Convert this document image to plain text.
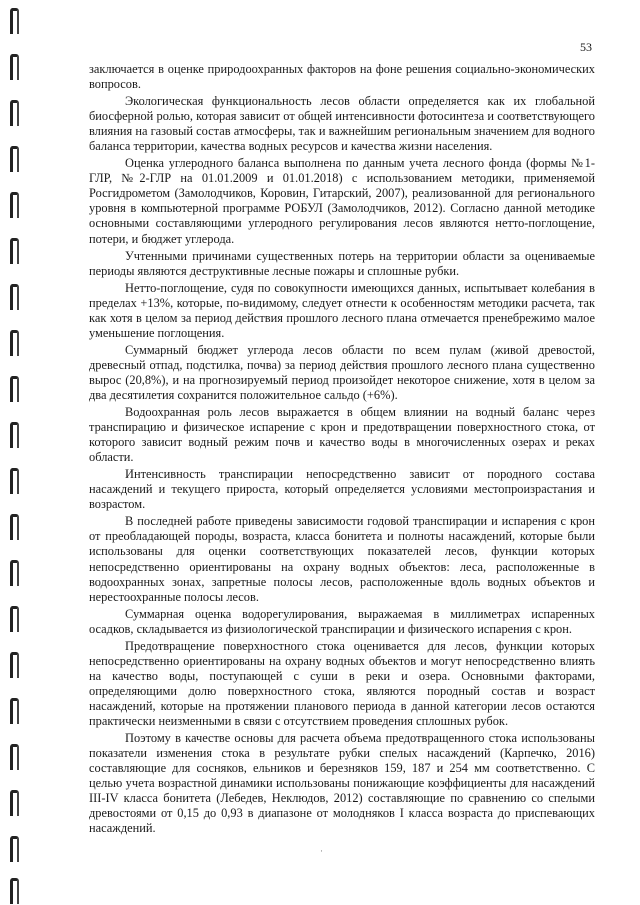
53

заключается в оценке природоохранных факторов на фоне решения социально-экономических вопросов.

Экологическая функциональность лесов области определяется как их глобальной биосферной ролью, которая зависит от общей интенсивности фотосинтеза и соответствующего влияния на газовый состав атмосферы, так и важнейшим региональным значением для водного баланса территории, качества водных ресурсов и качества жизни населения.

Оценка углеродного баланса выполнена по данным учета лесного фонда (формы №1-ГЛР, №2-ГЛР на 01.01.2009 и 01.01.2018) с использованием методики, применяемой Росгидрометом (Замолодчиков, Коровин, Гитарский, 2007), реализованной для регионального уровня в компьютерной программе РОБУЛ (Замолодчиков, 2012). Согласно данной методике основными составляющими углеродного регулирования лесов являются нетто-поглощение, потери, и бюджет углерода.

Учтенными причинами существенных потерь на территории области за оцениваемые периоды являются деструктивные лесные пожары и сплошные рубки.

Нетто-поглощение, судя по совокупности имеющихся данных, испытывает колебания в пределах +13%, которые, по-видимому, следует отнести к особенностям методики расчета, так как хотя в целом за период действия прошлого лесного плана отмечается пренебрежимо малое уменьшение поглощения.

Суммарный бюджет углерода лесов области по всем пулам (живой древостой, древесный отпад, подстилка, почва) за период действия прошлого лесного плана существенно вырос (20,8%), и на прогнозируемый период произойдет некоторое снижение, хотя в целом за два десятилетия сохранится положительное сальдо (+6%).

Водоохранная роль лесов выражается в общем влиянии на водный баланс через транспирацию и физическое испарение с крон и предотвращении поверхностного стока, от которого зависит водный режим почв и качество воды в многочисленных озерах и реках области.

Интенсивность транспирации непосредственно зависит от породного состава насаждений и текущего прироста, который определяется условиями местопроизрастания и возрастом.

В последней работе приведены зависимости годовой транспирации и испарения с крон от преобладающей породы, возраста, класса бонитета и полноты насаждений, которые были использованы для оценки соответствующих показателей лесов, функции которых непосредственно ориентированы на охрану водных объектов: леса, расположенные в водоохранных зонах, запретные полосы лесов, расположенные вдоль водных объектов и нерестоохранные полосы лесов.

Суммарная оценка водорегулирования, выражаемая в миллиметрах испаренных осадков, складывается из физиологической транспирации и физического испарения с крон.

Предотвращение поверхностного стока оценивается для лесов, функции которых непосредственно ориентированы на охрану водных объектов и могут непосредственно влиять на качество воды, поступающей с суши в реки и озера. Основными факторами, определяющими долю поверхностного стока, являются породный состав и возраст насаждений, которые на протяжении планового периода в данной категории лесов остаются практически неизменными в связи с отсутствием проведения сплошных рубок.

Поэтому в качестве основы для расчета объема предотвращенного стока использованы показатели изменения стока в результате рубки спелых насаждений (Карпечко, 2016) составляющие для сосняков, ельников и березняков 159, 187 и 254 мм соответственно. С целью учета возрастной динамики использованы понижающие коэффициенты для насаждений III-IV класса бонитета (Лебедев, Неклюдов, 2012) составляющие по сравнению со спелыми древостоями от 0,15 до 0,93 в диапазоне от молодняков I класса возраста до приспевающих насаждений.

·
